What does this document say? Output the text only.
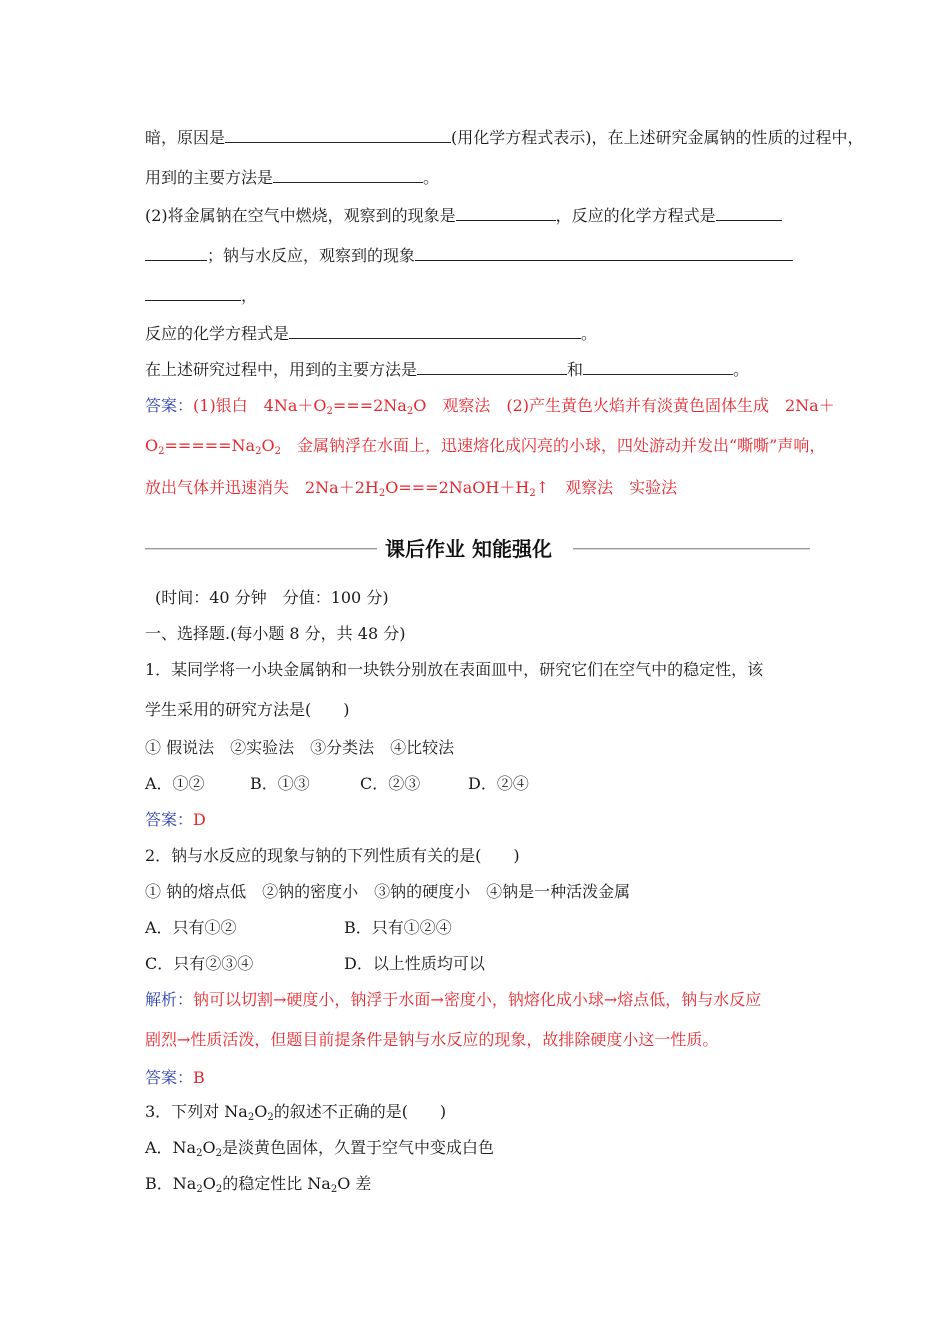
暗，原因是	(用化学方程式表示)，在上述研究金属钠的性质的过程中，
用到的主要方法是	。
(2)将金属钠在空气中燃烧，观察到的现象是	，反应的化学方程式是
；钠与水反应，观察到的现象
，
反应的化学方程式是	。
在上述研究过程中，用到的主要方法是	和	。
答案：(1)银白　$4Na+O_2===2Na_2O$　观察法　(2)产生黄色火焰并有淡黄色固体生成　2Na＋
$O_2=====Na_2O_2$　金属钠浮在水面上，迅速熔化成闪亮的小球，四处游动并发出“嘶嘶”声响，
放出气体并迅速消失　$2Na+2H_2O===2NaOH+H_2↑$　观察法　实验法
课后作业 知能强化
(时间：40 分钟　分值：100 分)
一、选择题.(每小题 8 分，共 48 分)
1．某同学将一小块金属钠和一块铁分别放在表面皿中，研究它们在空气中的稳定性，该
学生采用的研究方法是(　　)
① 假说法　②实验法　③分类法　④比较法
A．①②	B．①③	C．②③	D．②④
答案：D
2．钠与水反应的现象与钠的下列性质有关的是(　　)
① 钠的熔点低　②钠的密度小　③钠的硬度小　④钠是一种活泼金属
A．只有①②	B．只有①②④
C．只有②③④	D．以上性质均可以
解析：钠可以切割→硬度小，钠浮于水面→密度小，钠熔化成小球→熔点低，钠与水反应
剧烈→性质活泼，但题目前提条件是钠与水反应的现象，故排除硬度小这一性质。
答案：B
3．下列对 $Na_2O_2$的叙述不正确的是(　　)
A．$Na_2O_2$是淡黄色固体，久置于空气中变成白色
B．$Na_2O_2$的稳定性比 $Na_2O$ 差
